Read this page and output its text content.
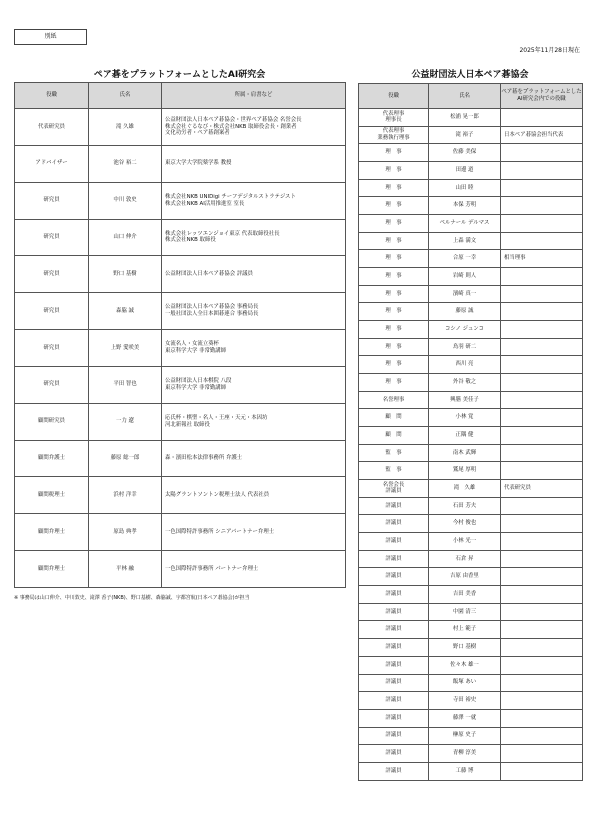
別紙
2025年11月28日現在
ペア碁をプラットフォームとしたAI研究会	公益財団法人日本ペア碁協会
役職	氏名	所属・肩書など
代表研究員	滝 久雄	公益財団法人日本ペア碁協会・世界ペア碁協会 名誉会長
株式会社ぐるなび・株式会社NKB 取締役会長・創業者
文化功労者・ペア碁創案者

アドバイザー	池谷 裕二	東京大学大学院薬学系 教授

研究員	中川 敦史	株式会社NKB UNIDigi チーフデジタルストラテジスト
株式会社NKB AI活用推進室 室長

研究員	山口 伸介	株式会社レッツエンジョイ東京 代表取締役社長
株式会社NKB 取締役

研究員	野口 基樹	公益財団法人日本ペア碁協会 評議員

研究員	森脇 誠	公益財団法人日本ペア碁協会 事務局長
一般社団法人全日本囲碁連合 事務局長

研究員	上野 愛咲美	女流名人・女流立葵杯
東京科学大学 非常勤講師

研究員	平田 智也	公益財団法人日本棋院 八段
東京科学大学 非常勤講師

顧問研究員	一力 遼	応氏杯・棋聖・名人・王座・天元・本因坊
河北新報社 取締役

顧問弁護士	藤原 総一郎	森・濱田松本法律事務所 弁護士

顧問税理士	浜村 洋幸	太陽グラントソントン税理士法人 代表社員

顧問弁理士	原島 典孝	一色国際特許事務所 シニアパートナー弁理士

顧問弁理士	平林 融	一色国際特許事務所 パートナー弁理士
役職	氏名	ペア碁をプラットフォームとしたAI研究会内での役職
代表理事
理事長	松浦 晃一郎	
代表理事
業務執行理事	滝 裕子	日本ペア碁協会担当代表
理　事	佐藤 美保	
理　事	田邊 道	
理　事	山田 睦	
理　事	本保 芳明	
理　事	ペルナール デルマス	
理　事	上森 満文	
理　事	合原 一幸	相当理事
理　事	岩崎 則人	
理　事	濱崎 真一	
理　事	藤原 誠	
理　事	コシノ ジュンコ	
理　事	鳥羽 研二	
理　事	西川 亮	
理　事	外谷 敬之	
名誉理事	興膳 美佳子	
顧　問	小林 覚	
顧　問	正隅 健	
監　事	南木 武輝	
監　事	鷲尾 厚明	
名誉会長
評議員	滝　久雄	代表研究員
評議員	石田 芳夫	
評議員	今村 俊也	
評議員	小林 光一	
評議員	石倉 昇	
評議員	吉原 由香里	
評議員	吉田 美香	
評議員	中園 清三	
評議員	村上 範子	
評議員	野口 基樹	
評議員	佐々木 雄一	
評議員	飯塚 あい	
評議員	寺田 裕史	
評議員	藤澤 一就	
評議員	榊原 史子	
評議員	青柳 淳美	
評議員	工藤 博	
※ 事務局は山口伸介、中川敦史、滝澤 香子(NKB)、野口基樹、森脇誠、宇都宮航(日本ペア碁協会)が担当
